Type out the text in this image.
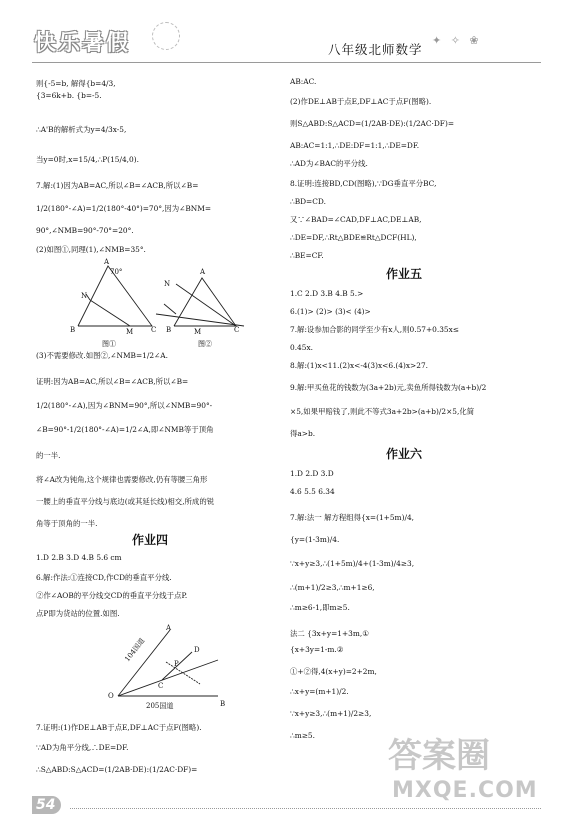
快乐暑假	八年级北师数学
✦ ✧ ❀
则{-5=b, 解得{b=4/3,
{3=6k+b. {b=-5.
∴A'B的解析式为y=4/3x-5,
当y=0时,x=15/4,∴P(15/4,0).
7.解:(1)因为AB=AC,所以∠B=∠ACB,所以∠B=
1/2(180°-∠A)=1/2(180°-40°)=70°,因为∠BNM=
90°,∠NMB=90°-70°=20°.
(2)如图①,同理(1),∠NMB=35°.
A
70°
N
B	M	C
A
N
B	M	C
图①	图②
(3)不需要修改.如图②,∠NMB=1/2∠A.
证明:因为AB=AC,所以∠B=∠ACB,所以∠B=
1/2(180°-∠A),因为∠BNM=90°,所以∠NMB=90°-
∠B=90°-1/2(180°-∠A)=1/2∠A,即∠NMB等于顶角
的一半.
将∠A改为钝角,这个规律也需要修改,仍有等腰三角形
一腰上的垂直平分线与底边(或其延长线)相交,所成的锐
角等于顶角的一半.
作业四
1.D 2.B 3.D 4.B 5.6 cm
6.解:作法:①连接CD,作CD的垂直平分线.
②作∠AOB的平分线交CD的垂直平分线于点P.
点P即为货站的位置.如图.
A
104国道	D
P
C
O
205国道	B
7.证明:(1)作DE⊥AB于点E,DF⊥AC于点F(图略).
∵AD为角平分线,∴DE=DF.
∴S△ABD:S△ACD=(1/2AB·DE):(1/2AC·DF)=
AB:AC.
(2)作DE⊥AB于点E,DF⊥AC于点F(图略).
则S△ABD:S△ACD=(1/2AB·DE):(1/2AC·DF)=
AB:AC=1:1,∴DE:DF=1:1,∴DE=DF.
∴AD为∠BAC的平分线.
8.证明:连接BD,CD(图略),∵DG垂直平分BC,
∴BD=CD.
又∵∠BAD=∠CAD,DF⊥AC,DE⊥AB,
∴DE=DF,∴Rt△BDE≌Rt△DCF(HL),
∴BE=CF.
作业五
1.C 2.D 3.B 4.B 5.>
6.(1)> (2)> (3)< (4)>
7.解:设参加合影的同学至少有x人,则0.57+0.35x≤
0.45x.
8.解:(1)x<11.(2)x<-4(3)x<6.(4)x>27.
9.解:甲买鱼花的钱数为(3a+2b)元,卖鱼所得钱数为(a+b)/2
×5,如果甲赔钱了,则此不等式3a+2b>(a+b)/2×5,化简
得a>b.
作业六
1.D 2.D 3.D
4.6 5.5 6.34
7.解:法一 解方程组得{x=(1+5m)/4,
{y=(1-3m)/4.
∵x+y≥3,∴(1+5m)/4+(1-3m)/4≥3,
∴(m+1)/2≥3,∴m+1≥6,
∴m≥6-1,即m≥5.
法二 {3x+y=1+3m,①
{x+3y=1-m.②
①+②得,4(x+y)=2+2m,
∴x+y=(m+1)/2.
∵x+y≥3,∴(m+1)/2≥3,
∴m≥5.
答案圈
MXQE.COM
54
